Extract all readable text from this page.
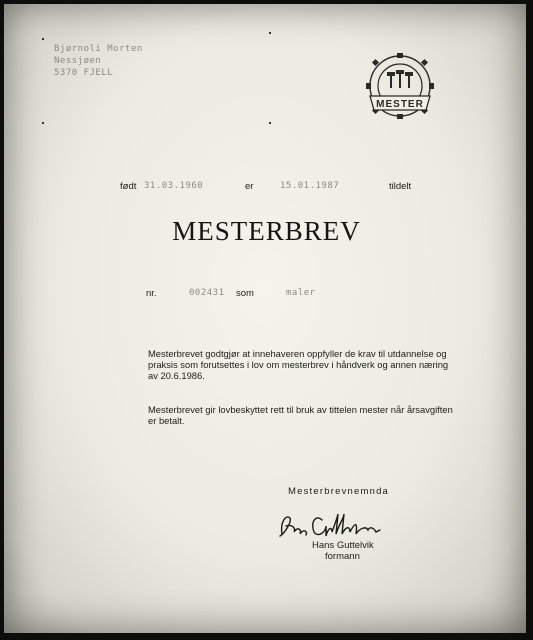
Bjørnoli Morten
Nessjøen
5370 FJELL
MESTER
født 31.03.1960	er	15.01.1987	tildelt
MESTERBREV
nr.	002431 som	maler
Mesterbrevet godtgjør at innehaveren oppfyller de krav til utdannelse og
praksis som forutsettes i lov om mesterbrev i håndverk og annen næring
av 20.6.1986.
Mesterbrevet gir lovbeskyttet rett til bruk av tittelen mester når årsavgiften
er betalt.
Mesterbrevnemnda
Hans Guttelvik
formann
